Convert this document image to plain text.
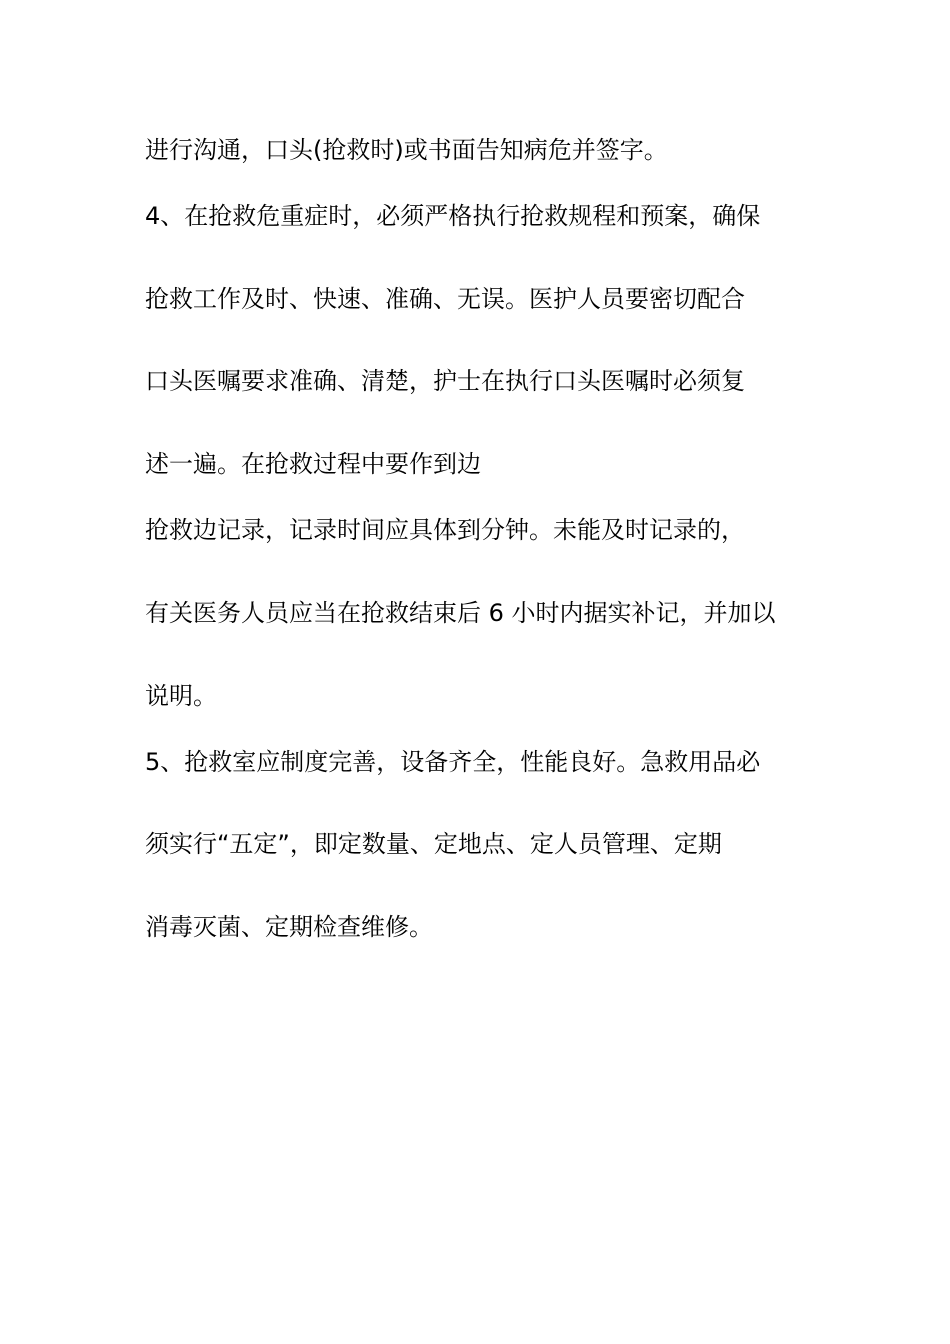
进行沟通，口头(抢救时)或书面告知病危并签字。
4、在抢救危重症时，必须严格执行抢救规程和预案，确保
抢救工作及时、快速、准确、无误。医护人员要密切配合
口头医嘱要求准确、清楚，护士在执行口头医嘱时必须复
述一遍。在抢救过程中要作到边
抢救边记录，记录时间应具体到分钟。未能及时记录的，
有关医务人员应当在抢救结束后 6 小时内据实补记，并加以
说明。
5、抢救室应制度完善，设备齐全，性能良好。急救用品必
须实行“五定”，即定数量、定地点、定人员管理、定期
消毒灭菌、定期检查维修。
